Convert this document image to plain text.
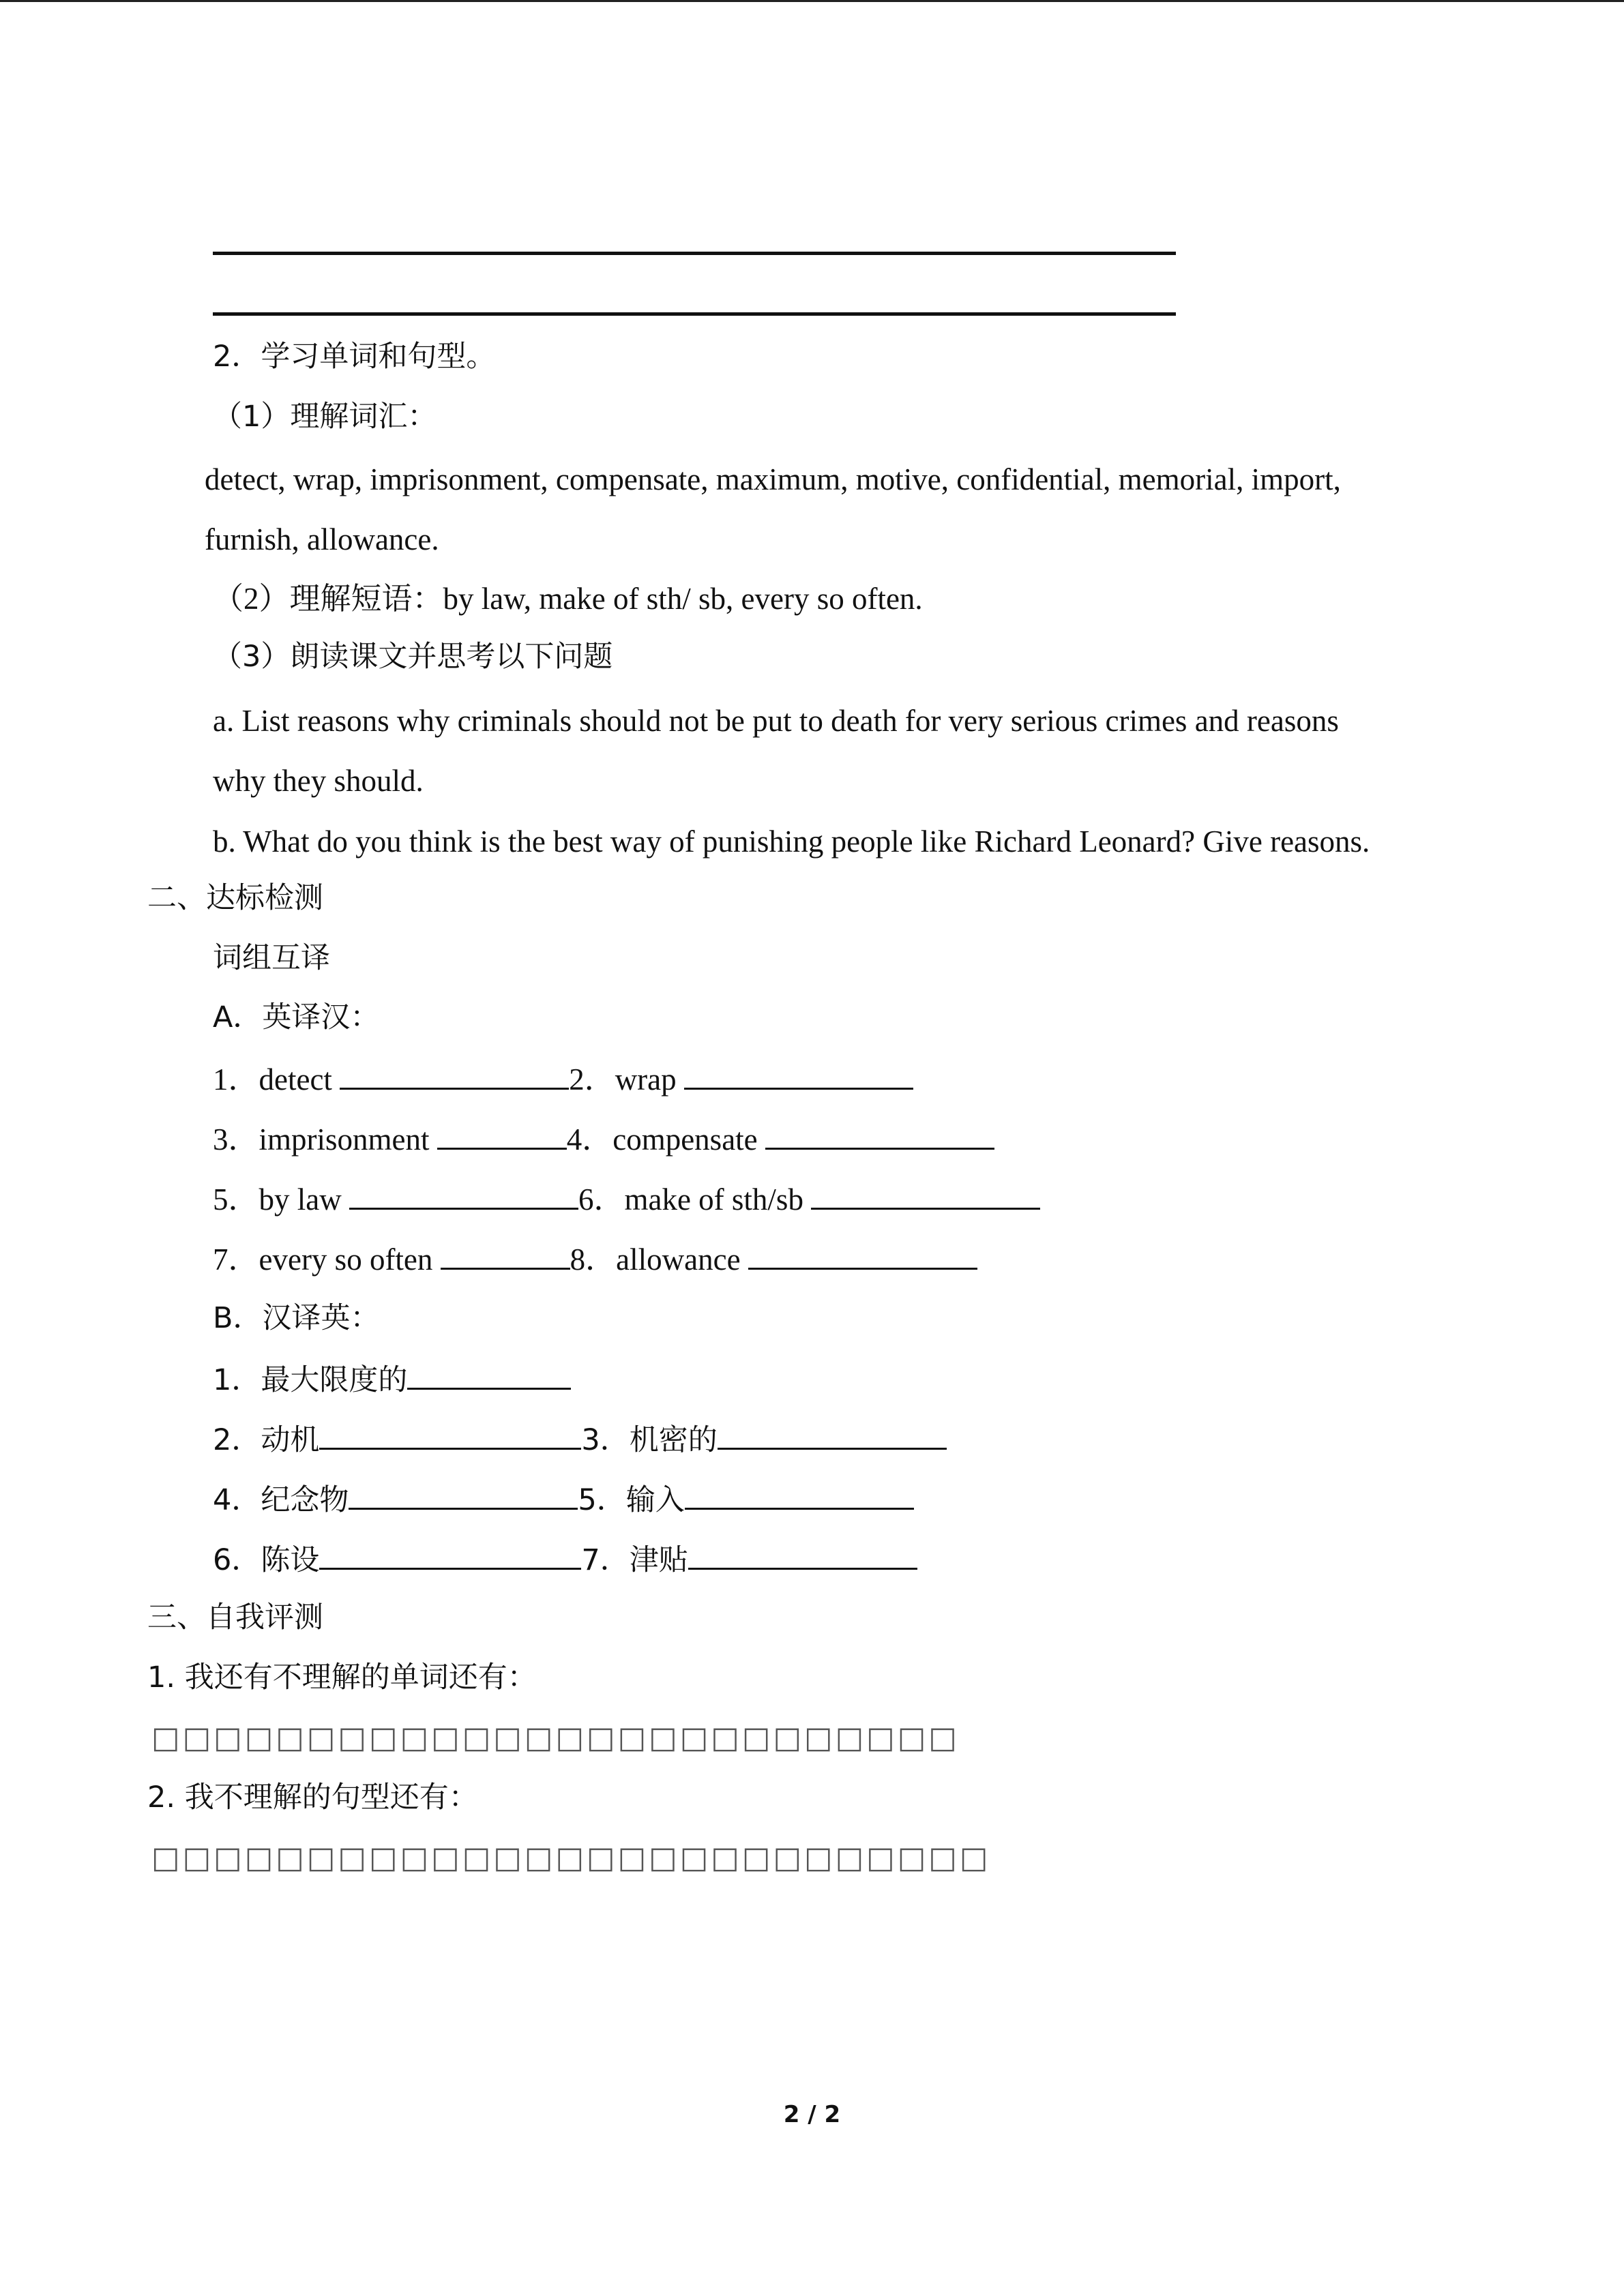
2．学习单词和句型。
（1）理解词汇：
detect, wrap, imprisonment, compensate, maximum, motive, confidential, memorial, import,
furnish, allowance.
（2）理解短语：by law, make of sth/ sb, every so often.
（3）朗读课文并思考以下问题
a. List reasons why criminals should not be put to death for very serious crimes and reasons
why they should.
b. What do you think is the best way of punishing people like Richard Leonard? Give reasons.
二、达标检测
词组互译
A．英译汉：
1．detect	2．wrap
3．imprisonment	4．compensate
5．by law	6．make of sth/sb
7．every so often	8．allowance
B．汉译英：
1．最大限度的
2．动机	3．机密的
4．纪念物	5．输入
6．陈设	7．津贴
三、自我评测
1. 我还有不理解的单词还有：
□□□□□□□□□□□□□□□□□□□□□□□□□□
2. 我不理解的句型还有：
□□□□□□□□□□□□□□□□□□□□□□□□□□□
2 / 2
